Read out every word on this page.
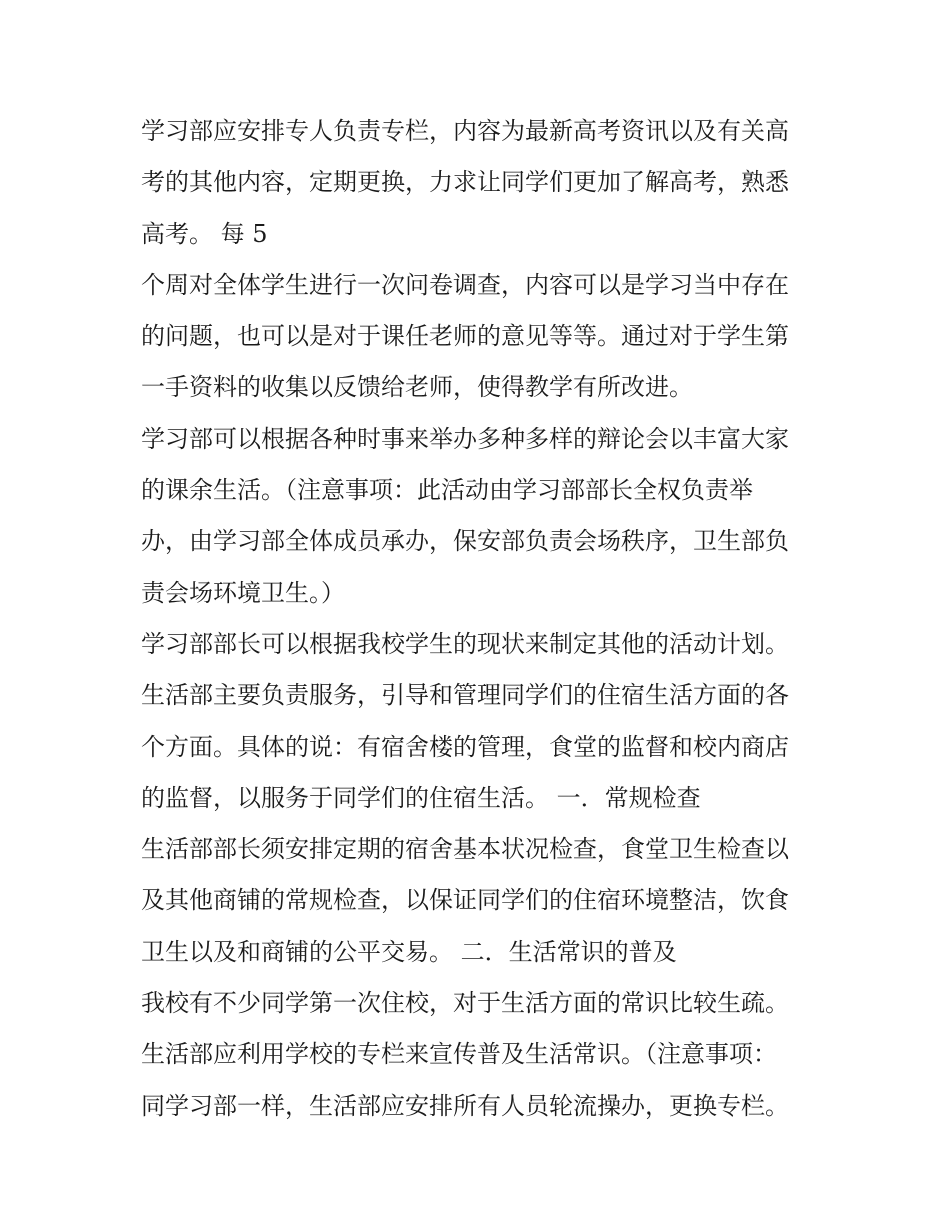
学习部应安排专人负责专栏，内容为最新高考资讯以及有关高
考的其他内容，定期更换，力求让同学们更加了解高考，熟悉
高考。 每 5
个周对全体学生进行一次问卷调查，内容可以是学习当中存在
的问题，也可以是对于课任老师的意见等等。通过对于学生第
一手资料的收集以反馈给老师，使得教学有所改进。
学习部可以根据各种时事来举办多种多样的辩论会以丰富大家
的课余生活。（注意事项：此活动由学习部部长全权负责举
办，由学习部全体成员承办，保安部负责会场秩序，卫生部负
责会场环境卫生。）
学习部部长可以根据我校学生的现状来制定其他的活动计划。
生活部主要负责服务，引导和管理同学们的住宿生活方面的各
个方面。具体的说：有宿舍楼的管理，食堂的监督和校内商店
的监督，以服务于同学们的住宿生活。 一．常规检查
生活部部长须安排定期的宿舍基本状况检查，食堂卫生检查以
及其他商铺的常规检查，以保证同学们的住宿环境整洁，饮食
卫生以及和商铺的公平交易。 二．生活常识的普及
我校有不少同学第一次住校，对于生活方面的常识比较生疏。
生活部应利用学校的专栏来宣传普及生活常识。（注意事项：
同学习部一样，生活部应安排所有人员轮流操办，更换专栏。
